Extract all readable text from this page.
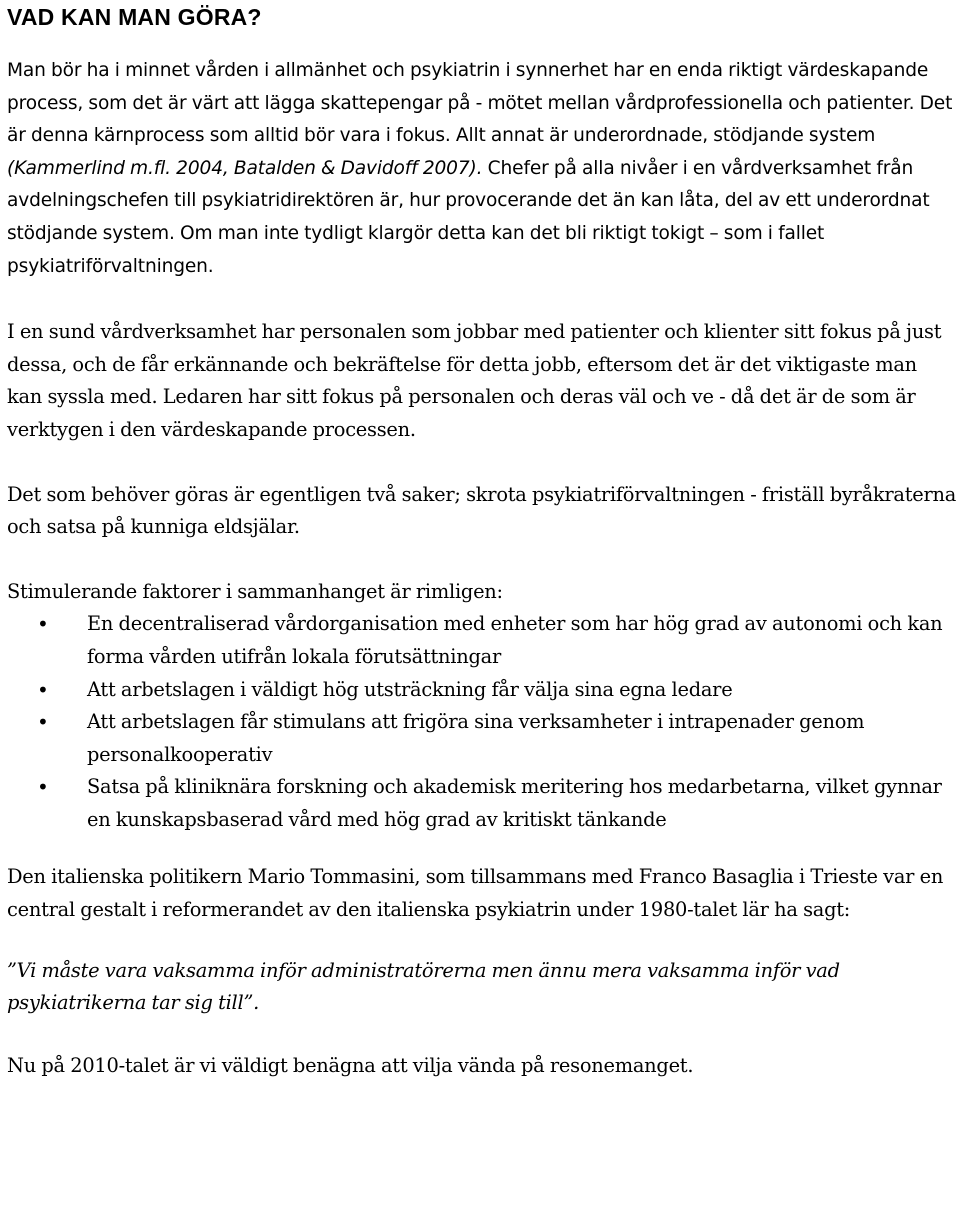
VAD KAN MAN GÖRA?

Man bör ha i minnet vården i allmänhet och psykiatrin i synnerhet har en enda riktigt värdeskapande process, som det är värt att lägga skattepengar på - mötet mellan vårdprofessionella och patienter. Det är denna kärnprocess som alltid bör vara i fokus. Allt annat är underordnade, stödjande system (Kammerlind m.fl. 2004, Batalden & Davidoff 2007). Chefer på alla nivåer i en vårdverksamhet från avdelningschefen till psykiatridirektören är, hur provocerande det än kan låta, del av ett underordnat stödjande system. Om man inte tydligt klargör detta kan det bli riktigt tokigt – som i fallet psykiatriförvaltningen.

I en sund vårdverksamhet har personalen som jobbar med patienter och klienter sitt fokus på just dessa, och de får erkännande och bekräftelse för detta jobb, eftersom det är det viktigaste man kan syssla med. Ledaren har sitt fokus på personalen och deras väl och ve - då det är de som är verktygen i den värdeskapande processen.

Det som behöver göras är egentligen två saker; skrota psykiatriförvaltningen - friställ byråkraterna och satsa på kunniga eldsjälar.

Stimulerande faktorer i sammanhanget är rimligen:

• En decentraliserad vårdorganisation med enheter som har hög grad av autonomi och kan forma vården utifrån lokala förutsättningar
• Att arbetslagen i väldigt hög utsträckning får välja sina egna ledare
• Att arbetslagen får stimulans att frigöra sina verksamheter i intrapenader genom personalkooperativ
• Satsa på kliniknära forskning och akademisk meritering hos medarbetarna, vilket gynnar en kunskapsbaserad vård med hög grad av kritiskt tänkande

Den italienska politikern Mario Tommasini, som tillsammans med Franco Basaglia i Trieste var en central gestalt i reformerandet av den italienska psykiatrin under 1980-talet lär ha sagt:

”Vi måste vara vaksamma inför administratörerna men ännu mera vaksamma inför vad psykiatrikerna tar sig till”.

Nu på 2010-talet är vi väldigt benägna att vilja vända på resonemanget.
